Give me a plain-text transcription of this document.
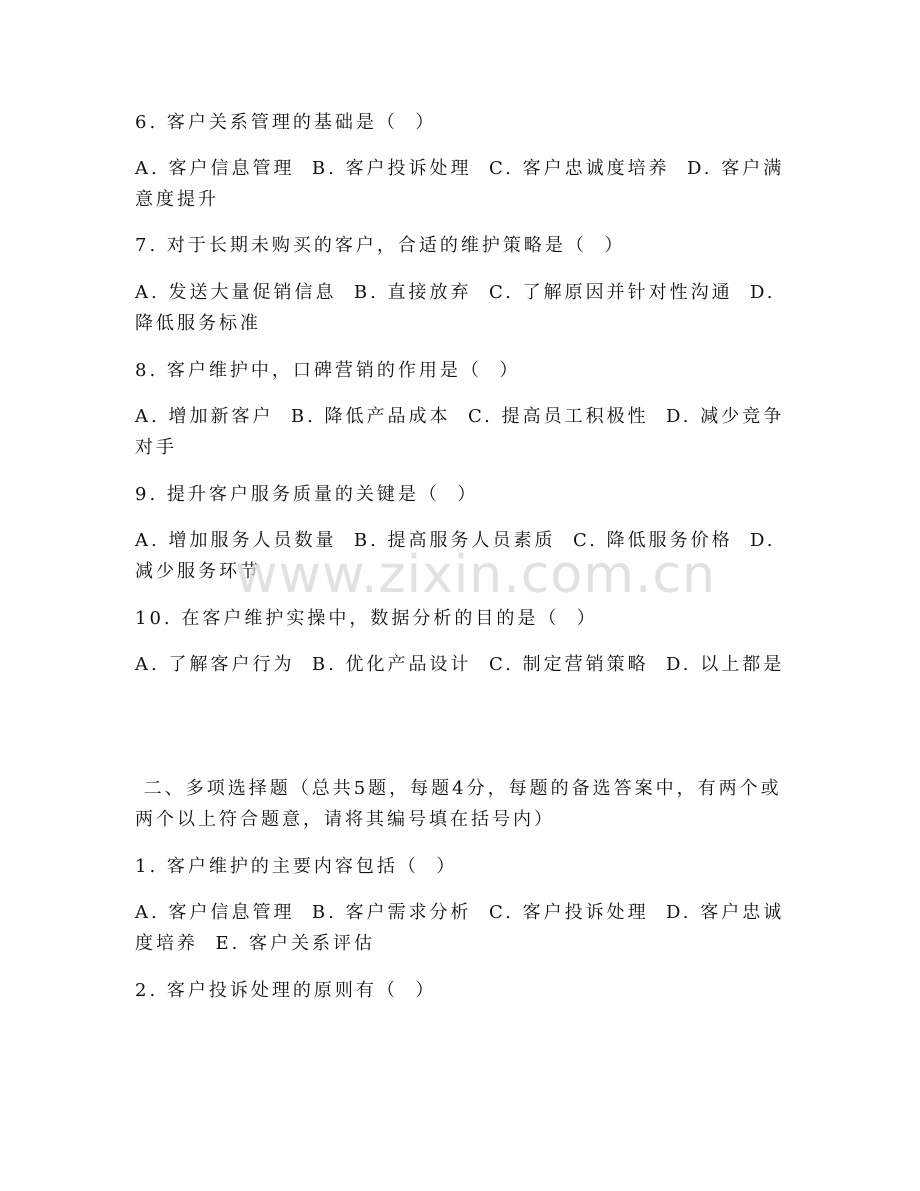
6. 客户关系管理的基础是（  ）
A. 客户信息管理  B. 客户投诉处理  C. 客户忠诚度培养  D. 客户满意度提升
7. 对于长期未购买的客户，合适的维护策略是（  ）
A. 发送大量促销信息  B. 直接放弃  C. 了解原因并针对性沟通  D. 降低服务标准
8. 客户维护中，口碑营销的作用是（  ）
A. 增加新客户  B. 降低产品成本  C. 提高员工积极性  D. 减少竞争对手
9. 提升客户服务质量的关键是（  ）
A. 增加服务人员数量  B. 提高服务人员素质  C. 降低服务价格  D. 减少服务环节
10. 在客户维护实操中，数据分析的目的是（  ）
A. 了解客户行为  B. 优化产品设计  C. 制定营销策略  D. 以上都是
二、多项选择题（总共5题，每题4分，每题的备选答案中，有两个或两个以上符合题意，请将其编号填在括号内）
1. 客户维护的主要内容包括（  ）
A. 客户信息管理  B. 客户需求分析  C. 客户投诉处理  D. 客户忠诚度培养  E. 客户关系评估
2. 客户投诉处理的原则有（  ）
www.zixin.com.cn
